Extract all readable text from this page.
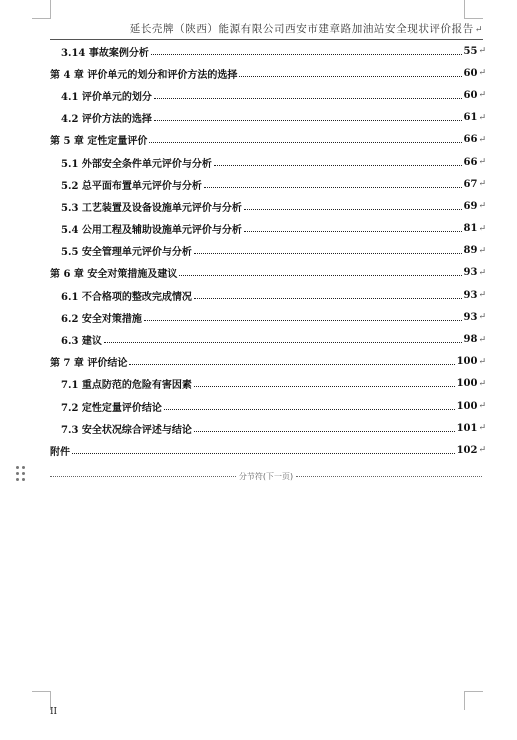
延长壳牌（陕西）能源有限公司西安市建章路加油站安全现状评价报告↵
3.14 事故案例分析	55 ↵
第 4 章 评价单元的划分和评价方法的选择	60 ↵
4.1 评价单元的划分	60 ↵
4.2 评价方法的选择	61 ↵
第 5 章 定性定量评价	66 ↵
5.1 外部安全条件单元评价与分析	66 ↵
5.2 总平面布置单元评价与分析	67 ↵
5.3 工艺装置及设备设施单元评价与分析	69 ↵
5.4 公用工程及辅助设施单元评价与分析	81 ↵
5.5 安全管理单元评价与分析	89 ↵
第 6 章 安全对策措施及建议	93 ↵
6.1 不合格项的整改完成情况	93 ↵
6.2 安全对策措施	93 ↵
6.3 建议	98 ↵
第 7 章 评价结论	100 ↵
7.1 重点防范的危险有害因素	100 ↵
7.2 定性定量评价结论	100 ↵
7.3 安全状况综合评述与结论	101 ↵
附件	102 ↵
分节符(下一页)
II
